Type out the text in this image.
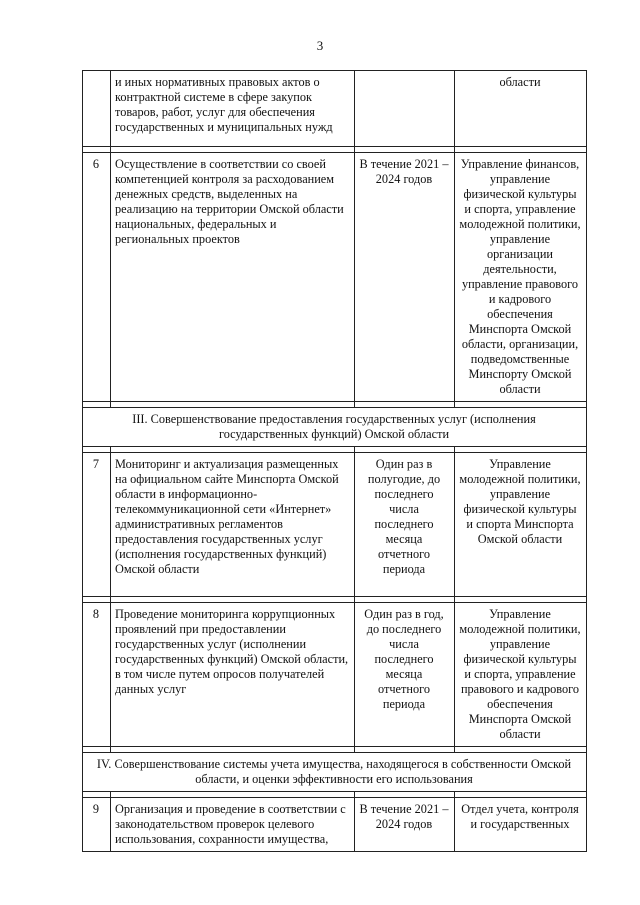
3
	и иных нормативных правовых актов о контрактной системе в сфере закупок товаров, работ, услуг для обеспечения государственных и муниципальных нужд		области

6	Осуществление в соответствии со своей компетенцией контроля за расходованием денежных средств, выделенных на реализацию на территории Омской области национальных, федеральных и региональных проектов	В течение 2021 – 2024 годов	Управление финансов, управление физической культуры и спорта, управление молодежной политики, управление организации деятельности, управление правового и кадрового обеспечения Минспорта Омской области, организации, подведомственные Минспорту Омской области

III. Совершенствование предоставления государственных услуг (исполнения государственных функций) Омской области			

7	Мониторинг и актуализация размещенных на официальном сайте Минспорта Омской области в информационно-телекоммуникационной сети «Интернет» административных регламентов предоставления государственных услуг (исполнения государственных функций) Омской области	Один раз в полугодие, до последнего числа последнего месяца отчетного периода	Управление молодежной политики, управление физической культуры и спорта Минспорта Омской области

8	Проведение мониторинга коррупционных проявлений при предоставлении государственных услуг (исполнении государственных функций) Омской области, в том числе путем опросов получателей данных услуг	Один раз в год, до последнего числа последнего месяца отчетного периода	Управление молодежной политики, управление физической культуры и спорта, управление правового и кадрового обеспечения Минспорта Омской области

IV. Совершенствование системы учета имущества, находящегося в собственности Омской области, и оценки эффективности его использования			

9	Организация и проведение в соответствии с законодательством проверок целевого использования, сохранности имущества,	В течение 2021 – 2024 годов	Отдел учета, контроля и государственных
